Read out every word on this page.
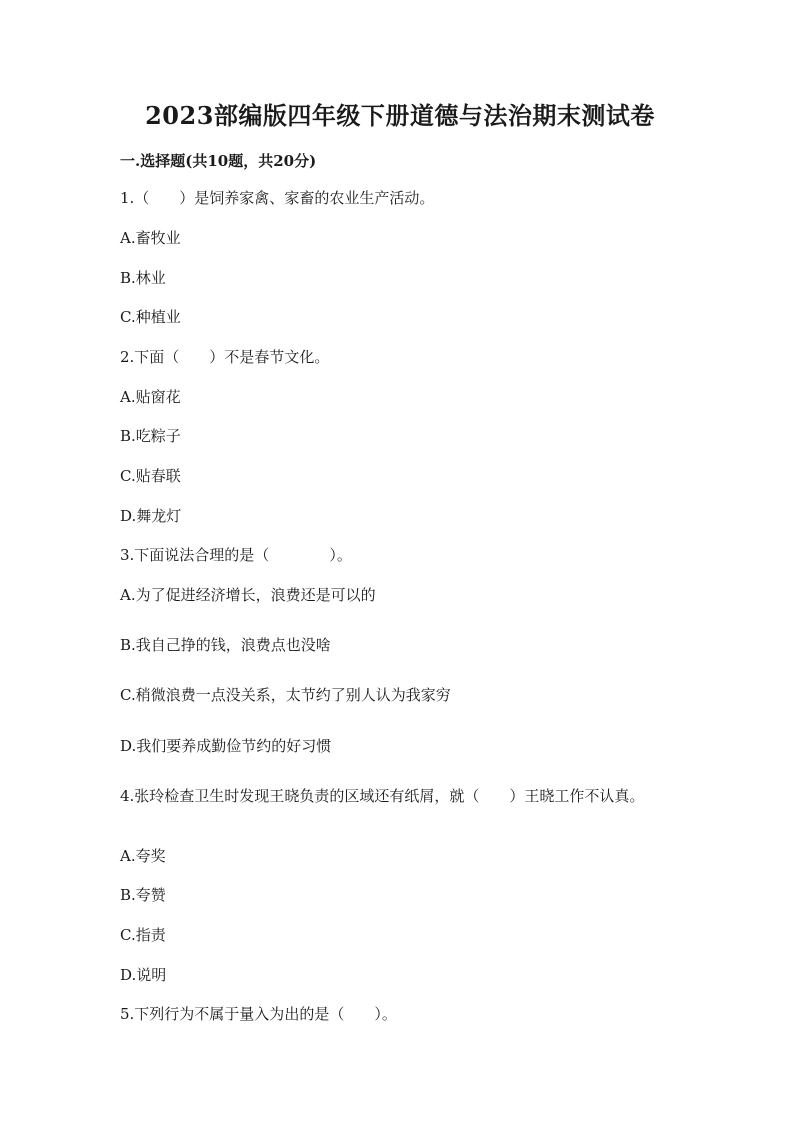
2023部编版四年级下册道德与法治期末测试卷
一.选择题(共10题，共20分)
1.（　　）是饲养家禽、家畜的农业生产活动。
A.畜牧业
B.林业
C.种植业
2.下面（　　）不是春节文化。
A.贴窗花
B.吃粽子
C.贴春联
D.舞龙灯
3.下面说法合理的是（　　　　）。
A.为了促进经济增长，浪费还是可以的
B.我自己挣的钱，浪费点也没啥
C.稍微浪费一点没关系，太节约了别人认为我家穷
D.我们要养成勤俭节约的好习惯
4.张玲检查卫生时发现王晓负责的区域还有纸屑，就（　　）王晓工作不认真。
A.夸奖
B.夸赞
C.指责
D.说明
5.下列行为不属于量入为出的是（　　）。
